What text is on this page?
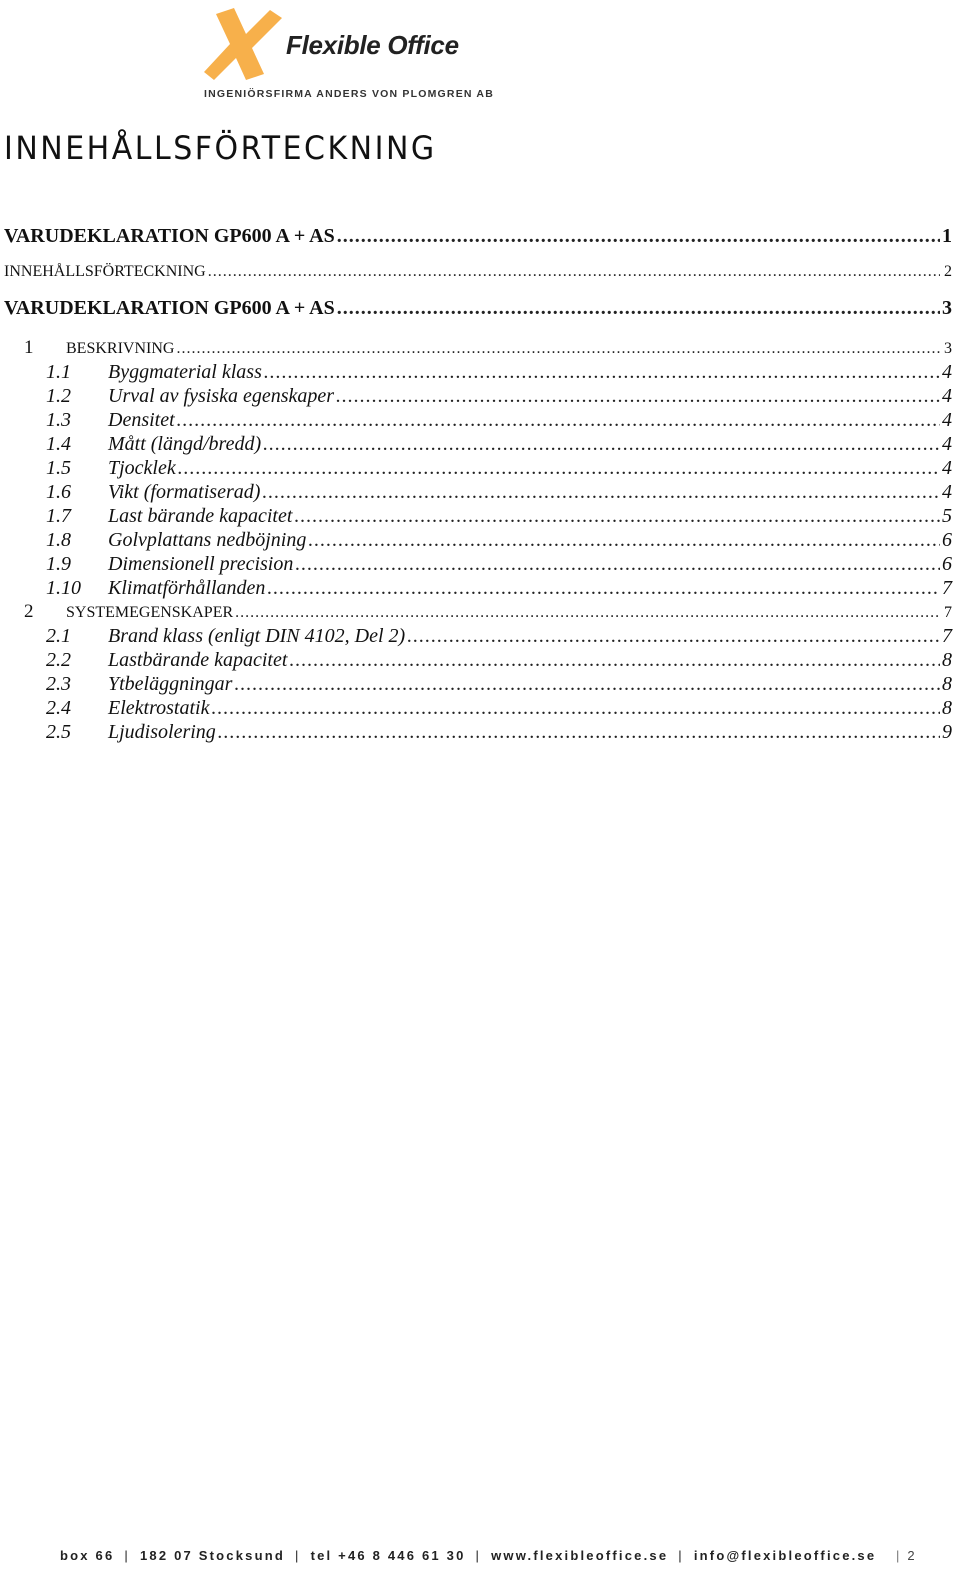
Flexible Office
INGENIÖRSFIRMA ANDERS VON PLOMGREN AB
INNEHÅLLSFÖRTECKNING
VARUDEKLARATION GP600 A + AS .....	1
INNEHÅLLSFÖRTECKNING .....	2
VARUDEKLARATION GP600 A + AS .....	3
1	BESKRIVNING .....	3
1.1	Byggmaterial klass .....	4
1.2	Urval av fysiska egenskaper .....	4
1.3	Densitet .....	4
1.4	Mått (längd/bredd) .....	4
1.5	Tjocklek .....	4
1.6	Vikt (formatiserad) .....	4
1.7	Last bärande kapacitet .....	5
1.8	Golvplattans nedböjning .....	6
1.9	Dimensionell precision .....	6
1.10	Klimatförhållanden .....	7
2	SYSTEMEGENSKAPER .....	7
2.1	Brand klass (enligt DIN 4102, Del 2) .....	7
2.2	Lastbärande kapacitet .....	8
2.3	Ytbeläggningar .....	8
2.4	Elektrostatik .....	8
2.5	Ljudisolering .....	9
box 66 | 182 07 Stocksund | tel +46 8 446 61 30 | www.flexibleoffice.se | info@flexibleoffice.se	| 2
